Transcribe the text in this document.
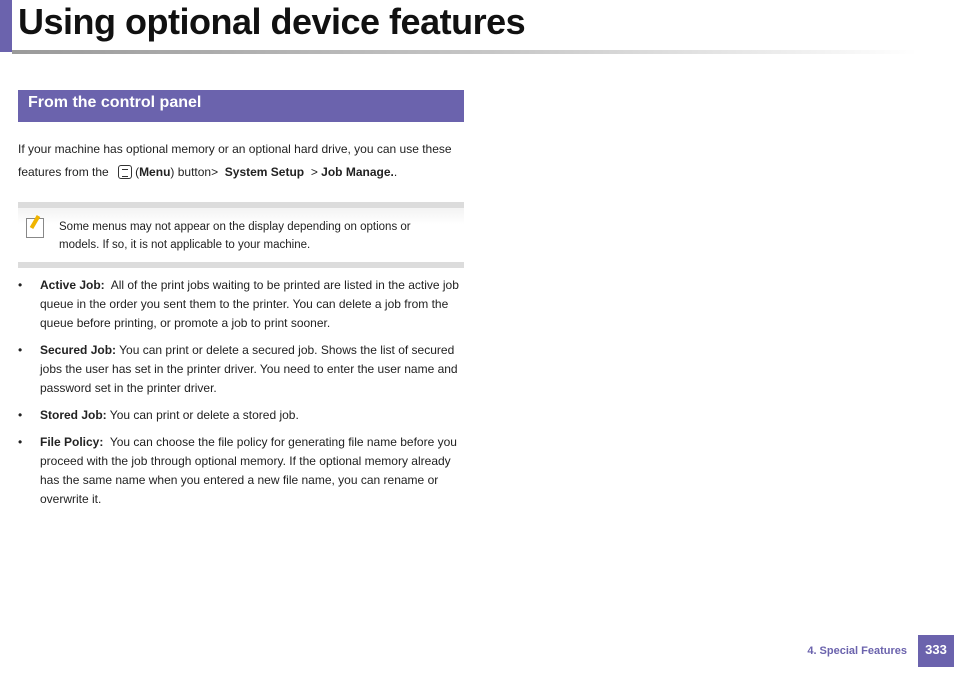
Using optional device features
From the control panel

If your machine has optional memory or an optional hard drive, you can use these features from the (Menu) button> System Setup > Job Manage..

Some menus may not appear on the display depending on options or models. If so, it is not applicable to your machine.

• Active Job: All of the print jobs waiting to be printed are listed in the active job queue in the order you sent them to the printer. You can delete a job from the queue before printing, or promote a job to print sooner.
• Secured Job: You can print or delete a secured job. Shows the list of secured jobs the user has set in the printer driver. You need to enter the user name and password set in the printer driver.
• Stored Job: You can print or delete a stored job.
• File Policy: You can choose the file policy for generating file name before you proceed with the job through optional memory. If the optional memory already has the same name when you entered a new file name, you can rename or overwrite it.
4. Special Features	333
